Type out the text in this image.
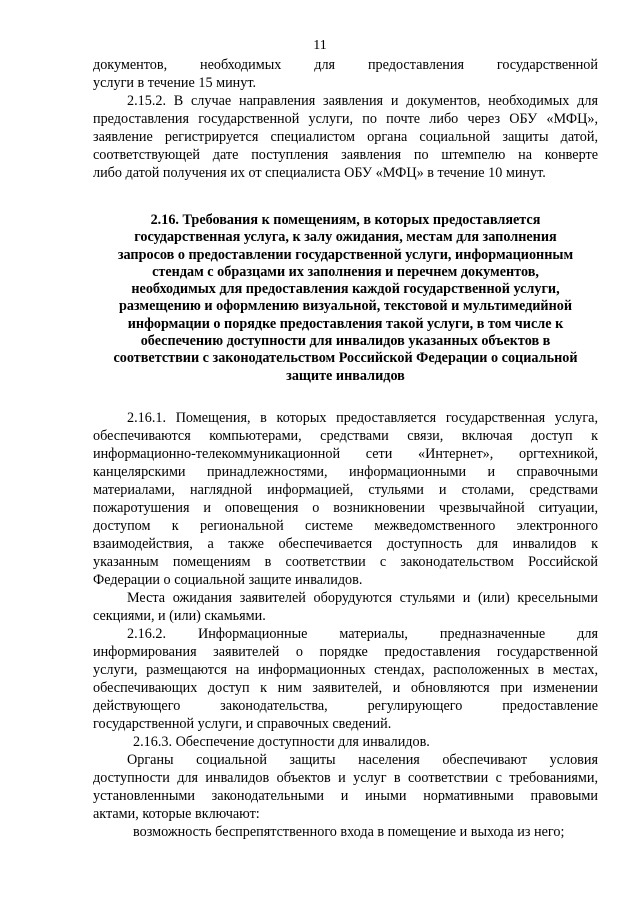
11
документов, необходимых для предоставления государственной
услуги в течение 15 минут.
2.15.2. В случае направления заявления и документов, необходимых для
предоставления государственной услуги, по почте либо через ОБУ «МФЦ»,
заявление регистрируется специалистом органа социальной защиты датой,
соответствующей дате поступления заявления по штемпелю на конверте
либо датой получения их от специалиста ОБУ «МФЦ» в течение 10 минут.
2.16. Требования к помещениям, в которых предоставляется
государственная услуга, к залу ожидания, местам для заполнения
запросов о предоставлении государственной услуги, информационным
стендам с образцами их заполнения и перечнем документов,
необходимых для предоставления каждой государственной услуги,
размещению и оформлению визуальной, текстовой и мультимедийной
информации о порядке предоставления такой услуги, в том числе к
обеспечению доступности для инвалидов указанных объектов в
соответствии с законодательством Российской Федерации о социальной
защите инвалидов
2.16.1. Помещения, в которых предоставляется государственная услуга,
обеспечиваются компьютерами, средствами связи, включая доступ к
информационно-телекоммуникационной сети «Интернет», оргтехникой,
канцелярскими принадлежностями, информационными и справочными
материалами, наглядной информацией, стульями и столами, средствами
пожаротушения и оповещения о возникновении чрезвычайной ситуации,
доступом к региональной системе межведомственного электронного
взаимодействия, а также обеспечивается доступность для инвалидов к
указанным помещениям в соответствии с законодательством Российской
Федерации о социальной защите инвалидов.
Места ожидания заявителей оборудуются стульями и (или) кресельными
секциями, и (или) скамьями.
2.16.2. Информационные материалы, предназначенные для
информирования заявителей о порядке предоставления государственной
услуги, размещаются на информационных стендах, расположенных в местах,
обеспечивающих доступ к ним заявителей, и обновляются при изменении
действующего законодательства, регулирующего предоставление
государственной услуги, и справочных сведений.
2.16.3. Обеспечение доступности для инвалидов.
Органы социальной защиты населения обеспечивают условия
доступности для инвалидов объектов и услуг в соответствии с требованиями,
установленными законодательными и иными нормативными правовыми
актами, которые включают:
возможность беспрепятственного входа в помещение и выхода из него;
